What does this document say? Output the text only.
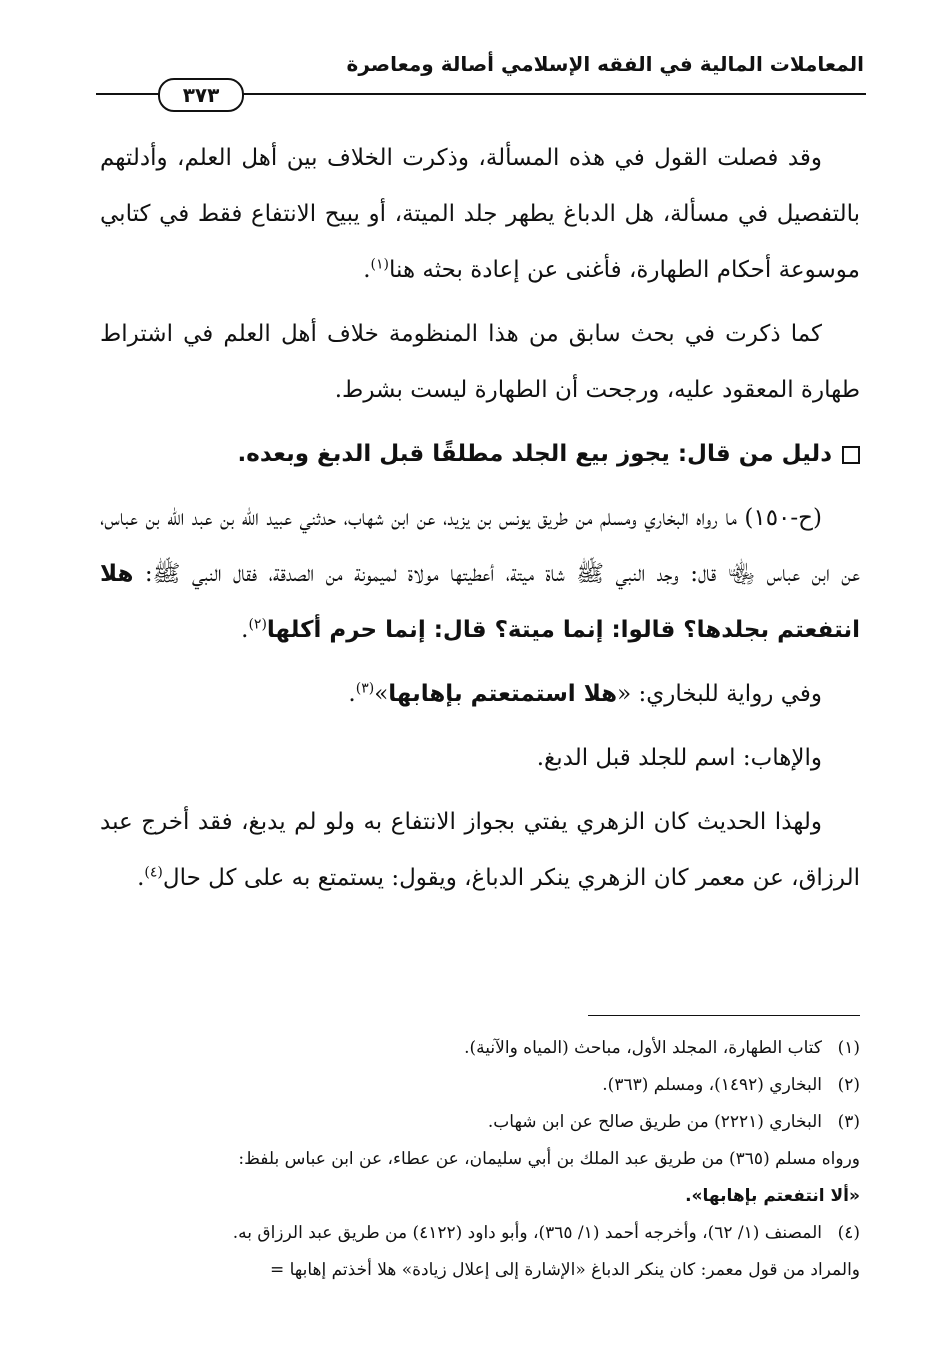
المعاملات المالية في الفقه الإسلامي أصالة ومعاصرة
٣٧٣

وقد فصلت القول في هذه المسألة، وذكرت الخلاف بين أهل العلم، وأدلتهم بالتفصيل في مسألة، هل الدباغ يطهر جلد الميتة، أو يبيح الانتفاع فقط في كتابي موسوعة أحكام الطهارة، فأغنى عن إعادة بحثه هنا$^{(١)}$.

كما ذكرت في بحث سابق من هذا المنظومة خلاف أهل العلم في اشتراط طهارة المعقود عليه، ورجحت أن الطهارة ليست بشرط.

دليل من قال: يجوز بيع الجلد مطلقًا قبل الدبغ وبعده.

(ح-١٥٠) ما رواه البخاري ومسلم من طريق يونس بن يزيد، عن ابن شهاب، حدثني عبيد الله بن عبد الله بن عباس، عن ابن عباس ﵄ قال: وجد النبي ﷺ شاة ميتة، أعطيتها مولاة لميمونة من الصدقة، فقال النبي ﷺ: هلا انتفعتم بجلدها؟ قالوا: إنما ميتة؟ قال: إنما حرم أكلها$^{(٢)}$.

وفي رواية للبخاري: «هلا استمتعتم بإهابها»$^{(٣)}$.

والإهاب: اسم للجلد قبل الدبغ.

ولهذا الحديث كان الزهري يفتي بجواز الانتفاع به ولو لم يدبغ، فقد أخرج عبد الرزاق، عن معمر كان الزهري ينكر الدباغ، ويقول: يستمتع به على كل حال$^{(٤)}$.

(١)كتاب الطهارة، المجلد الأول، مباحث (المياه والآنية).

(٢)البخاري (١٤٩٢)، ومسلم (٣٦٣).

(٣)البخاري (٢٢٢١) من طريق صالح عن ابن شهاب.

ورواه مسلم (٣٦٥) من طريق عبد الملك بن أبي سليمان، عن عطاء، عن ابن عباس بلفظ:

«ألا انتفعتم بإهابها».

(٤)المصنف (١/ ٦٢)، وأخرجه أحمد (١/ ٣٦٥)، وأبو داود (٤١٢٢) من طريق عبد الرزاق به.

والمراد من قول معمر: كان ينكر الدباغ «الإشارة إلى إعلال زيادة» هلا أخذتم إهابها =
